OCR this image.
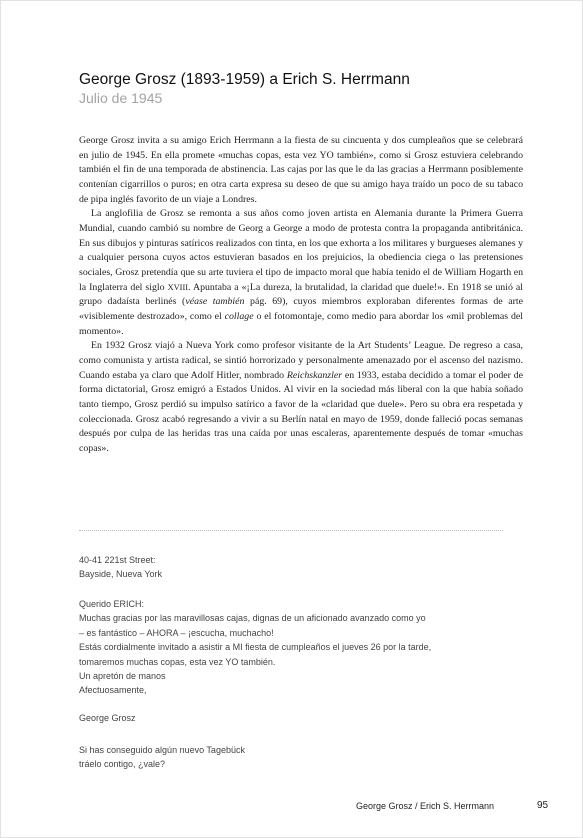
George Grosz (1893-1959) a Erich S. Herrmann
Julio de 1945

George Grosz invita a su amigo Erich Herrmann a la fiesta de su cincuenta y dos cumpleaños que se celebrará en julio de 1945. En ella promete «muchas copas, esta vez YO también», como si Grosz estuviera celebrando también el fin de una temporada de abstinencia. Las cajas por las que le da las gracias a Herrmann posiblemente contenían cigarrillos o puros; en otra carta expresa su deseo de que su amigo haya traído un poco de su tabaco de pipa inglés favorito de un viaje a Londres.

La anglofilia de Grosz se remonta a sus años como joven artista en Alemania durante la Primera Guerra Mundial, cuando cambió su nombre de Georg a George a modo de protesta contra la propaganda antibritánica. En sus dibujos y pinturas satíricos realizados con tinta, en los que exhorta a los militares y burgueses alemanes y a cualquier persona cuyos actos estuvieran basados en los prejuicios, la obediencia ciega o las pretensiones sociales, Grosz pretendía que su arte tuviera el tipo de impacto moral que había tenido el de William Hogarth en la Inglaterra del siglo XVIII. Apuntaba a «¡La dureza, la brutalidad, la claridad que duele!». En 1918 se unió al grupo dadaísta berlinés (véase también pág. 69), cuyos miembros exploraban diferentes formas de arte «visiblemente destrozado», como el collage o el fotomontaje, como medio para abordar los «mil problemas del momento».

En 1932 Grosz viajó a Nueva York como profesor visitante de la Art Students’ League. De regreso a casa, como comunista y artista radical, se sintió horrorizado y personalmente amenazado por el ascenso del nazismo. Cuando estaba ya claro que Adolf Hitler, nombrado Reichskanzler en 1933, estaba decidido a tomar el poder de forma dictatorial, Grosz emigró a Estados Unidos. Al vivir en la sociedad más liberal con la que había soñado tanto tiempo, Grosz perdió su impulso satírico a favor de la «claridad que duele». Pero su obra era respetada y coleccionada. Grosz acabó regresando a vivir a su Berlín natal en mayo de 1959, donde falleció pocas semanas después por culpa de las heridas tras una caída por unas escaleras, aparentemente después de tomar «muchas copas».

40-41 221st Street:
Bayside, Nueva York
Querido ERICH:
Muchas gracias por las maravillosas cajas, dignas de un aficionado avanzado como yo
– es fantástico – AHORA – ¡escucha, muchacho!
Estás cordialmente invitado a asistir a MI fiesta de cumpleaños el jueves 26 por la tarde,
tomaremos muchas copas, esta vez YO también.
Un apretón de manos
Afectuosamente,
George Grosz
Si has conseguido algún nuevo Tagebück
tráelo contigo, ¿vale?
George Grosz / Erich S. Herrmann	95
